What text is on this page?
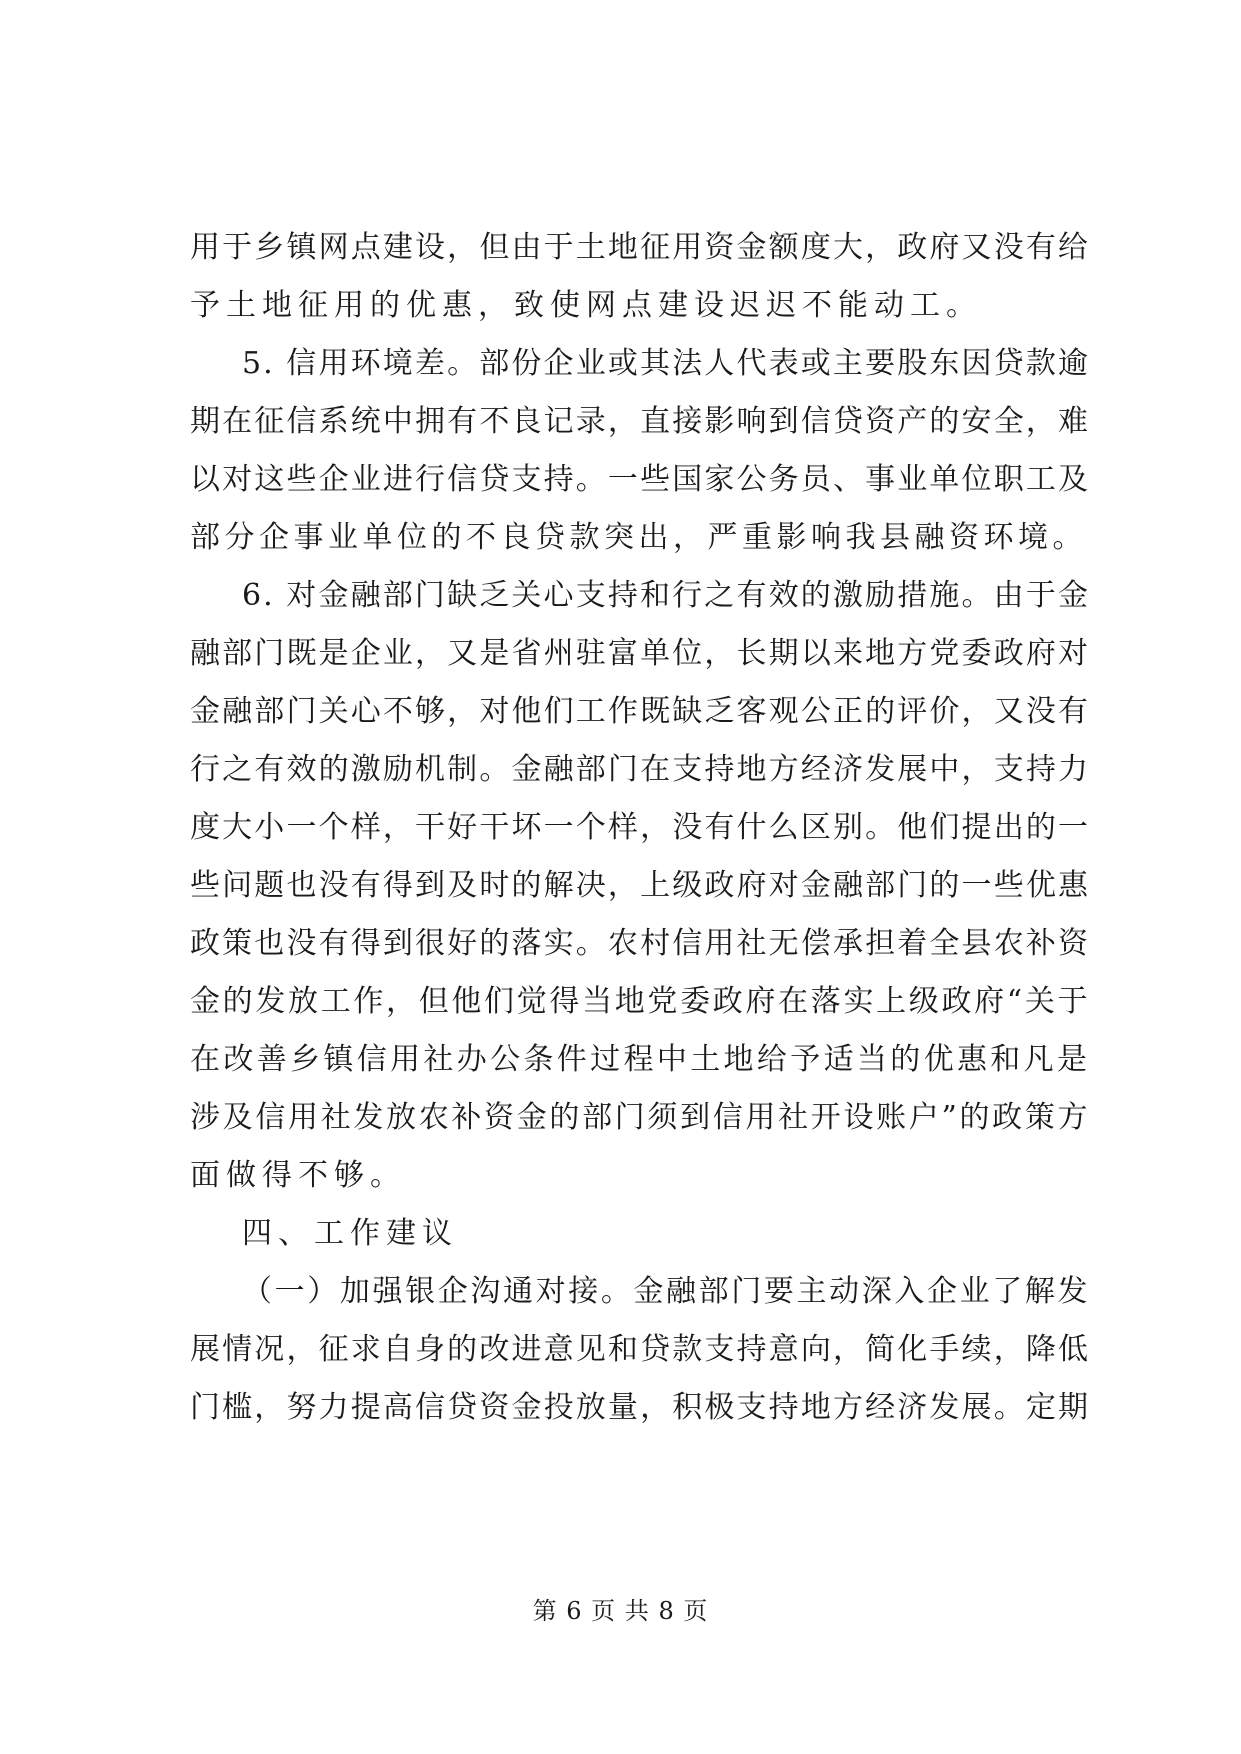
用于乡镇网点建设，但由于土地征用资金额度大，政府又没有给
予土地征用的优惠，致使网点建设迟迟不能动工。
5. 信用环境差。部份企业或其法人代表或主要股东因贷款逾
期在征信系统中拥有不良记录，直接影响到信贷资产的安全，难
以对这些企业进行信贷支持。一些国家公务员、事业单位职工及
部分企事业单位的不良贷款突出，严重影响我县融资环境。
6. 对金融部门缺乏关心支持和行之有效的激励措施。由于金
融部门既是企业，又是省州驻富单位，长期以来地方党委政府对
金融部门关心不够，对他们工作既缺乏客观公正的评价，又没有
行之有效的激励机制。金融部门在支持地方经济发展中，支持力
度大小一个样，干好干坏一个样，没有什么区别。他们提出的一
些问题也没有得到及时的解决，上级政府对金融部门的一些优惠
政策也没有得到很好的落实。农村信用社无偿承担着全县农补资
金的发放工作，但他们觉得当地党委政府在落实上级政府“关于
在改善乡镇信用社办公条件过程中土地给予适当的优惠和凡是
涉及信用社发放农补资金的部门须到信用社开设账户”的政策方
面做得不够。
四、工作建议
（一）加强银企沟通对接。金融部门要主动深入企业了解发
展情况，征求自身的改进意见和贷款支持意向，简化手续，降低
门槛，努力提高信贷资金投放量，积极支持地方经济发展。定期
第 6 页 共 8 页
